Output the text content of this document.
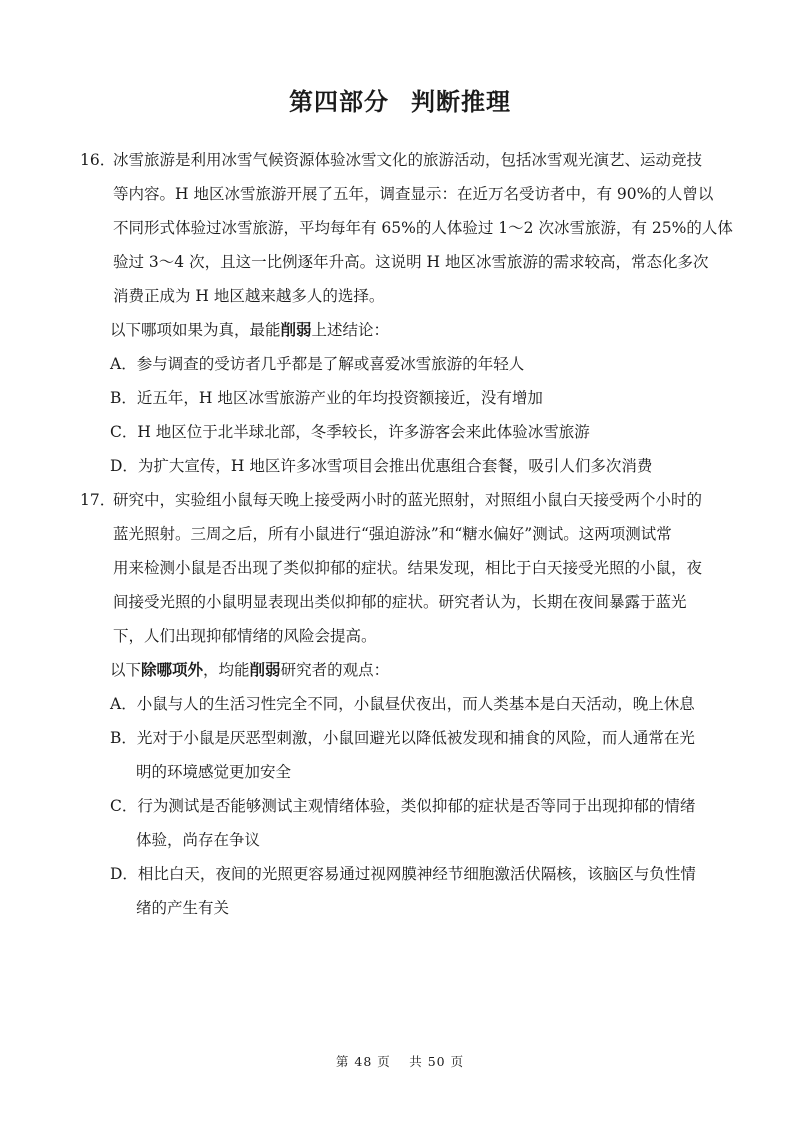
第四部分 判断推理
16．
冰雪旅游是利用冰雪气候资源体验冰雪文化的旅游活动，包括冰雪观光演艺、运动竞技
等内容。H 地区冰雪旅游开展了五年，调查显示：在近万名受访者中，有 90%的人曾以
不同形式体验过冰雪旅游，平均每年有 65%的人体验过 1～2 次冰雪旅游，有 25%的人体
验过 3～4 次，且这一比例逐年升高。这说明 H 地区冰雪旅游的需求较高，常态化多次
消费正成为 H 地区越来越多人的选择。
以下哪项如果为真，最能削弱上述结论：
A．参与调查的受访者几乎都是了解或喜爱冰雪旅游的年轻人
B．近五年，H 地区冰雪旅游产业的年均投资额接近，没有增加
C．H 地区位于北半球北部，冬季较长，许多游客会来此体验冰雪旅游
D．为扩大宣传，H 地区许多冰雪项目会推出优惠组合套餐，吸引人们多次消费
17．
研究中，实验组小鼠每天晚上接受两小时的蓝光照射，对照组小鼠白天接受两个小时的
蓝光照射。三周之后，所有小鼠进行“强迫游泳”和“糖水偏好”测试。这两项测试常
用来检测小鼠是否出现了类似抑郁的症状。结果发现，相比于白天接受光照的小鼠，夜
间接受光照的小鼠明显表现出类似抑郁的症状。研究者认为，长期在夜间暴露于蓝光
下，人们出现抑郁情绪的风险会提高。
以下除哪项外，均能削弱研究者的观点：
A．小鼠与人的生活习性完全不同，小鼠昼伏夜出，而人类基本是白天活动，晚上休息
B．光对于小鼠是厌恶型刺激，小鼠回避光以降低被发现和捕食的风险，而人通常在光
明的环境感觉更加安全
C．行为测试是否能够测试主观情绪体验，类似抑郁的症状是否等同于出现抑郁的情绪
体验，尚存在争议
D．相比白天，夜间的光照更容易通过视网膜神经节细胞激活伏隔核，该脑区与负性情
绪的产生有关
第 48 页　 共 50 页
